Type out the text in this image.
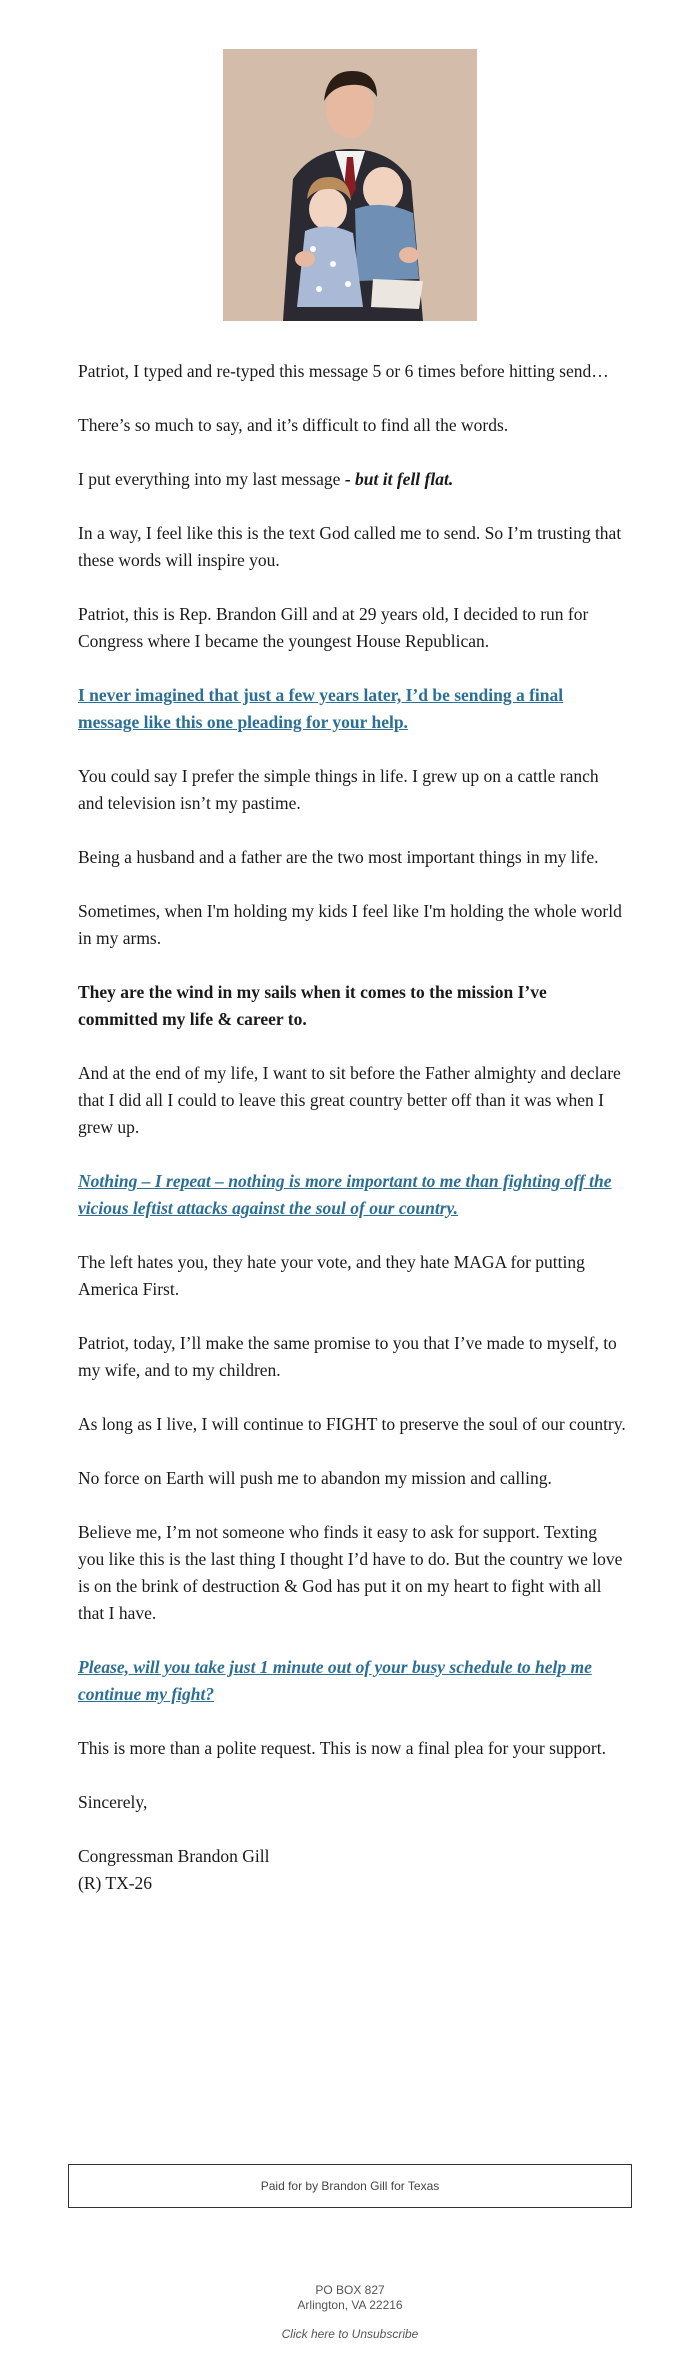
Patriot, I typed and re-typed this message 5 or 6 times before hitting send…

There’s so much to say, and it’s difficult to find all the words.

I put everything into my last message - but it fell flat.

In a way, I feel like this is the text God called me to send. So I’m trusting that these words will inspire you.

Patriot, this is Rep. Brandon Gill and at 29 years old, I decided to run for Congress where I became the youngest House Republican.

I never imagined that just a few years later, I’d be sending a final message like this one pleading for your help.

You could say I prefer the simple things in life. I grew up on a cattle ranch and television isn’t my pastime.

Being a husband and a father are the two most important things in my life.

Sometimes, when I'm holding my kids I feel like I'm holding the whole world in my arms.

They are the wind in my sails when it comes to the mission I’ve committed my life & career to.

And at the end of my life, I want to sit before the Father almighty and declare that I did all I could to leave this great country better off than it was when I grew up.

Nothing – I repeat – nothing is more important to me than fighting off the vicious leftist attacks against the soul of our country.

The left hates you, they hate your vote, and they hate MAGA for putting America First.

Patriot, today, I’ll make the same promise to you that I’ve made to myself, to my wife, and to my children.

As long as I live, I will continue to FIGHT to preserve the soul of our country.

No force on Earth will push me to abandon my mission and calling.

Believe me, I’m not someone who finds it easy to ask for support. Texting you like this is the last thing I thought I’d have to do. But the country we love is on the brink of destruction & God has put it on my heart to fight with all that I have.

Please, will you take just 1 minute out of your busy schedule to help me continue my fight?

This is more than a polite request. This is now a final plea for your support.

Sincerely,

Congressman Brandon Gill
(R) TX-26
Paid for by Brandon Gill for Texas
PO BOX 827
Arlington, VA 22216
Click here to Unsubscribe
